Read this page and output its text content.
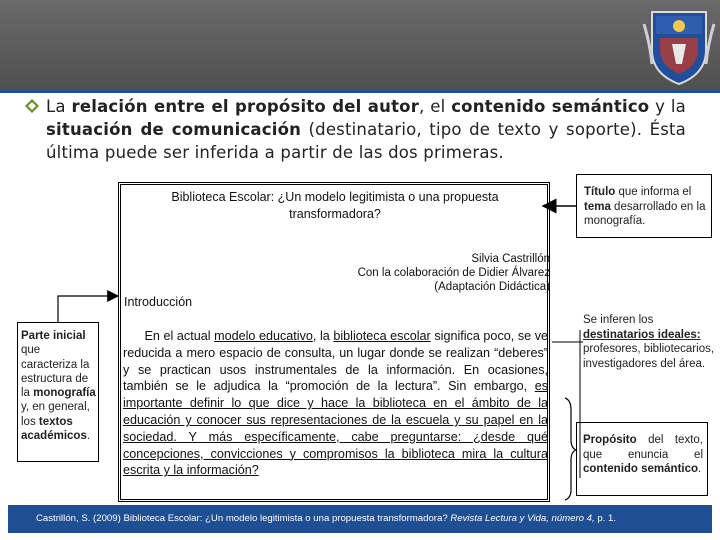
La relación entre el propósito del autor, el contenido semántico y la situación de comunicación (destinatario, tipo de texto y soporte). Ésta última puede ser inferida a partir de las dos primeras.
Biblioteca Escolar: ¿Un modelo legitimista o una propuesta transformadora?
Silvia Castrillón
Con la colaboración de Didier Álvarez
(Adaptación Didáctica)
Introducción
En el actual modelo educativo, la biblioteca escolar significa poco, se ve reducida a mero espacio de consulta, un lugar donde se realizan “deberes” y se practican usos instrumentales de la información. En ocasiones, también se le adjudica la “promoción de la lectura”. Sin embargo, es importante definir lo que dice y hace la biblioteca en el ámbito de la educación y conocer sus representaciones de la escuela y su papel en la sociedad. Y más específicamente, cabe preguntarse: ¿desde qué concepciones, convicciones y compromisos la biblioteca mira la cultura escrita y la información?
Título que informa el tema desarrollado en la monografía.
Parte inicial que caracteriza la estructura de la monografía y, en general, los textos académicos.
Se inferen los destinatarios ideales: profesores, bibliotecarios, investigadores del área.
Propósito del texto, que enuncia el contenido semántico.
Castrillón, S. (2009) Biblioteca Escolar: ¿Un modelo legitimista o una propuesta transformadora? Revista Lectura y Vida, número 4, p. 1.
